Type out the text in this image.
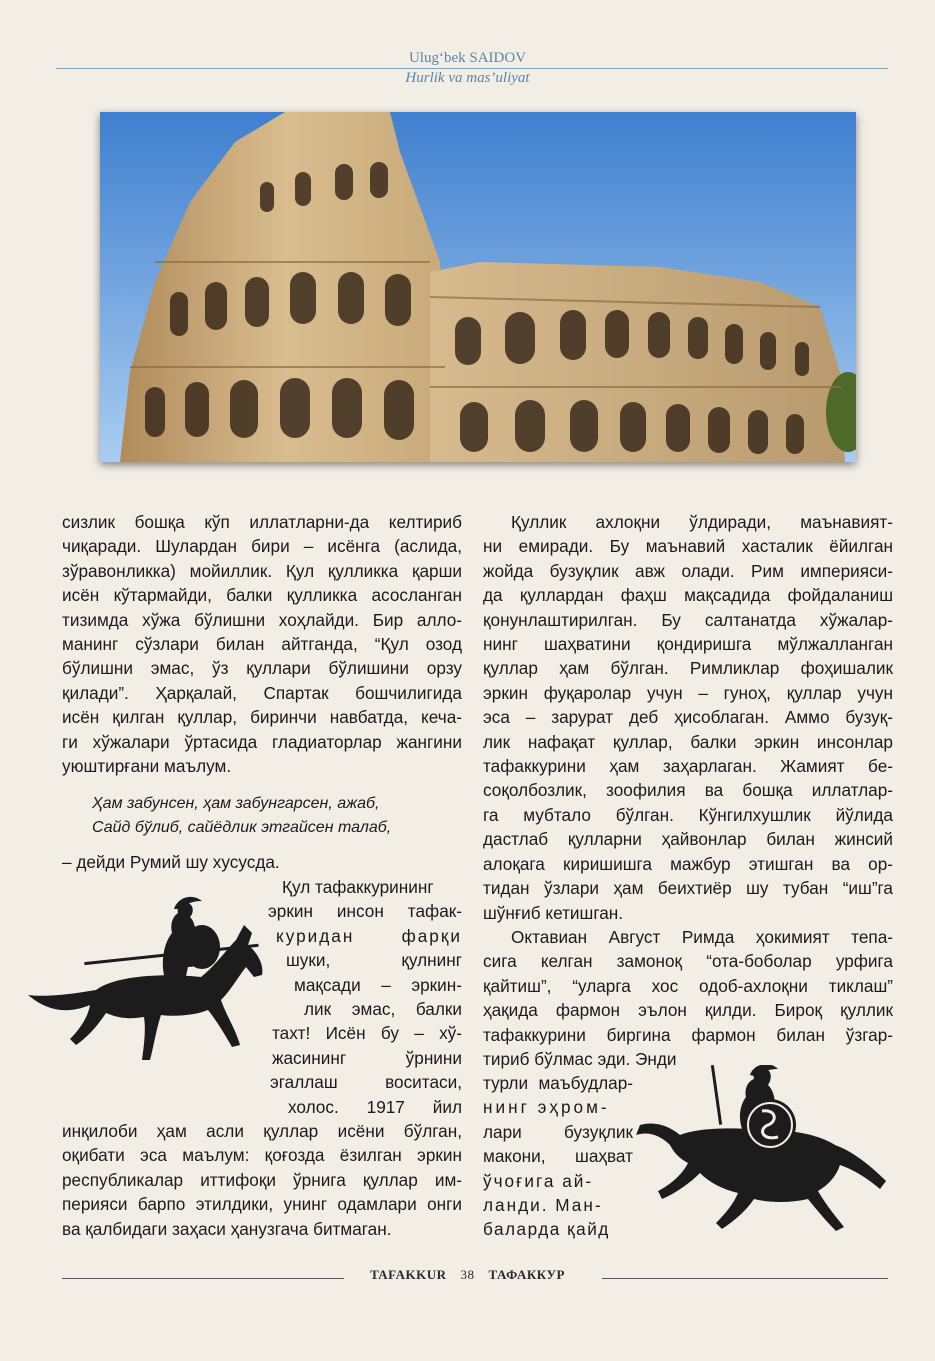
Ulug‘bek SAIDOV
Hurlik va mas’uliyat
сизлик бошқа кўп иллатларни-да келтириб
чиқаради. Шулардан бири – исёнга (аслида,
зўравонликка) мойиллик. Қул қулликка қарши
исён кўтармайди, балки қулликка асосланган
тизимда хўжа бўлишни хоҳлайди. Бир алло-
манинг сўзлари билан айтганда, “Қул озод
бўлишни эмас, ўз қуллари бўлишини орзу
қилади”. Ҳарқалай, Спартак бошчилигида
исён қилган қуллар, биринчи навбатда, кеча-
ги хўжалари ўртасида гладиаторлар жангини
уюштирғани маълум.
Ҳам забунсен, ҳам забунгарсен, ажаб,
Сайд бўлиб, сайёдлик этгайсен талаб,
– дейди Румий шу хусусда.
Қул тафаккурининг
эркин инсон тафак-
куридан фарқи
шуки, қулнинг
мақсади – эркин-
лик эмас, балки
тахт! Исён бу – хў-
жасининг ўрнини
эгаллаш воситаси,
холос. 1917 йил
инқилоби ҳам асли қуллар исёни бўлган,
оқибати эса маълум: қоғозда ёзилган эркин
республикалар иттифоқи ўрнига қуллар им-
перияси барпо этилдики, унинг одамлари онги
ва қалбидаги заҳаси ҳанузгача битмаган.
Қуллик ахлоқни ўлдиради, маънавият-
ни емиради. Бу маънавий хасталик ёйилган
жойда бузуқлик авж олади. Рим империяси-
да қуллардан фаҳш мақсадида фойдаланиш
қонунлаштирилган. Бу салтанатда хўжалар-
нинг шаҳватини қондиришга мўлжалланган
қуллар ҳам бўлган. Римликлар фоҳишалик
эркин фуқаролар учун – гуноҳ, қуллар учун
эса – зарурат деб ҳисоблаган. Аммо бузуқ-
лик нафақат қуллар, балки эркин инсонлар
тафаккурини ҳам заҳарлаган. Жамият бе-
соқолбозлик, зоофилия ва бошқа иллатлар-
га мубтало бўлган. Кўнгилхушлик йўлида
дастлаб қулларни ҳайвонлар билан жинсий
алоқага киришишга мажбур этишган ва ор-
тидан ўзлари ҳам беихтиёр шу тубан “иш”га
шўнғиб кетишган.
Октавиан Август Римда ҳокимият тепа-
сига келган замоноқ “ота-боболар урфига
қайтиш”, “уларга хос одоб-ахлоқни тиклаш”
ҳақида фармон эълон қилди. Бироқ қуллик
тафаккурини биргина фармон билан ўзгар-
тириб бўлмас эди. Энди
турли маъбудлар-
нинг эҳром-
лари бузуқлик
макони, шаҳват
ўчоғига ай-
ланди. Ман-
баларда қайд
TAFAKKUR 38 ТАФАККУР
